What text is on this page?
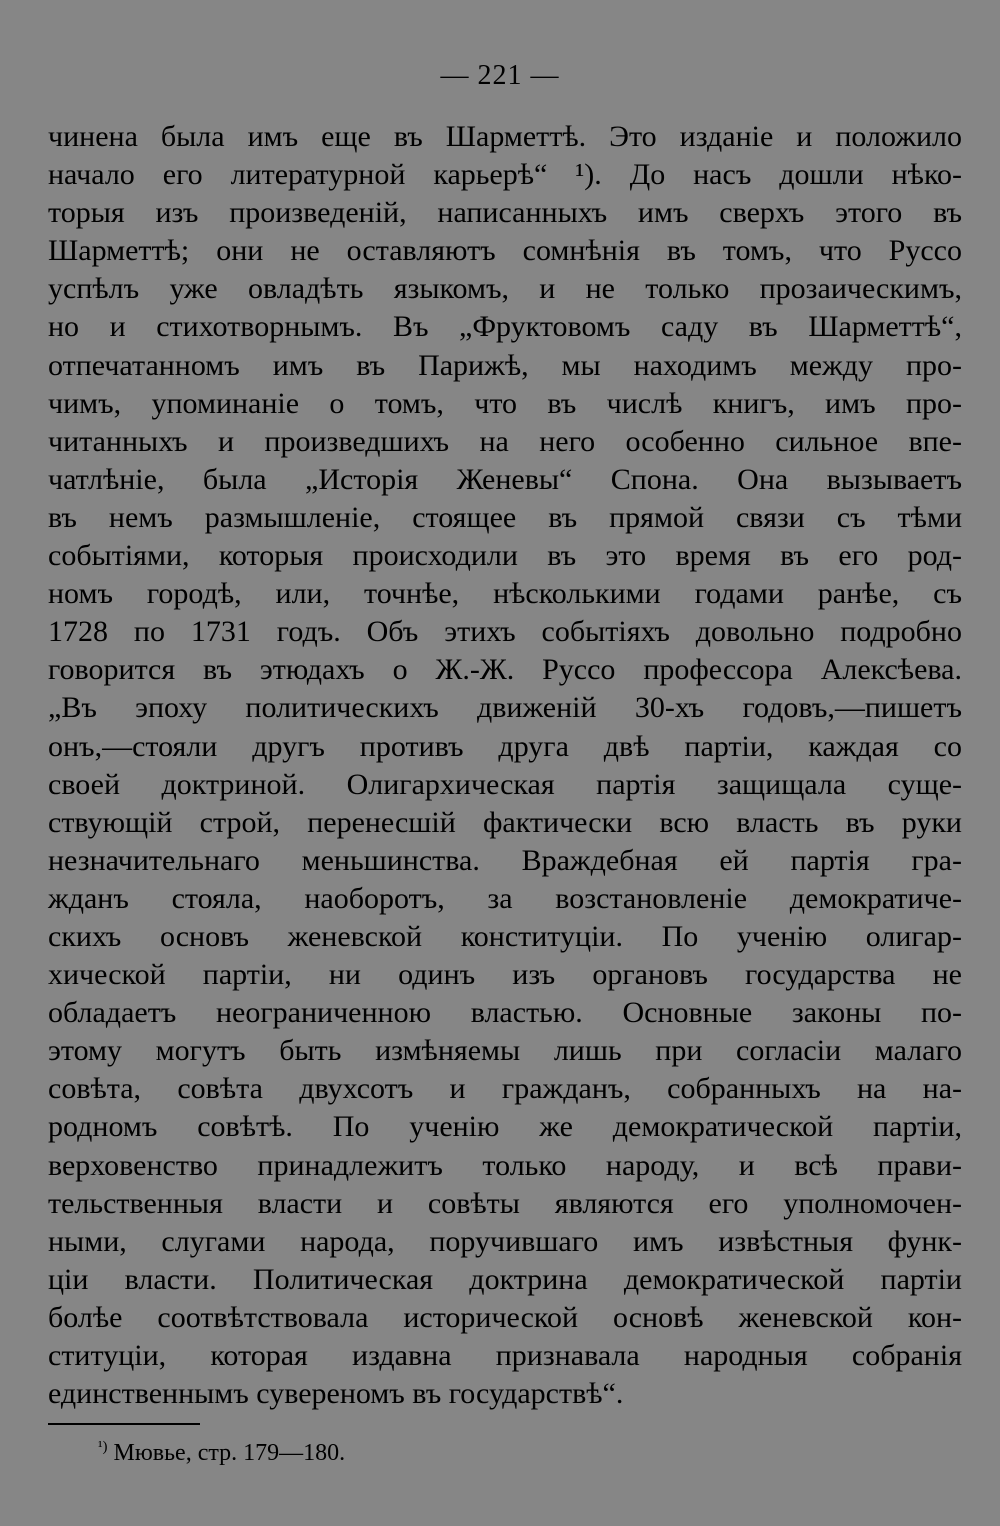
— 221 —
чинена была имъ еще въ Шарметтѣ. Это изданіе и положило
начало его литературной карьерѣ“ ¹). До насъ дошли нѣко-
торыя изъ произведеній, написанныхъ имъ сверхъ этого въ
Шарметтѣ; они не оставляютъ сомнѣнія въ томъ, что Руссо
успѣлъ уже овладѣть языкомъ, и не только прозаическимъ,
но и стихотворнымъ. Въ „Фруктовомъ саду въ Шарметтѣ“,
отпечатанномъ имъ въ Парижѣ, мы находимъ между про-
чимъ, упоминаніе о томъ, что въ числѣ книгъ, имъ про-
читанныхъ и произведшихъ на него особенно сильное впе-
чатлѣніе, была „Исторія Женевы“ Спона. Она вызываетъ
въ немъ размышленіе, стоящее въ прямой связи съ тѣми
событіями, которыя происходили въ это время въ его род-
номъ городѣ, или, точнѣе, нѣсколькими годами ранѣе, съ
1728 по 1731 годъ. Объ этихъ событіяхъ довольно подробно
говорится въ этюдахъ о Ж.-Ж. Руссо профессора Алексѣева.
„Въ эпоху политическихъ движеній 30-хъ годовъ,—пишетъ
онъ,—стояли другъ противъ друга двѣ партіи, каждая со
своей доктриной. Олигархическая партія защищала суще-
ствующій строй, перенесшій фактически всю власть въ руки
незначительнаго меньшинства. Враждебная ей партія гра-
жданъ стояла, наоборотъ, за возстановленіе демократиче-
скихъ основъ женевской конституціи. По ученію олигар-
хической партіи, ни одинъ изъ органовъ государства не
обладаетъ неограниченною властью. Основные законы по-
этому могутъ быть измѣняемы лишь при согласіи малаго
совѣта, совѣта двухсотъ и гражданъ, собранныхъ на на-
родномъ совѣтѣ. По ученію же демократической партіи,
верховенство принадлежитъ только народу, и всѣ прави-
тельственныя власти и совѣты являются его уполномочен-
ными, слугами народа, поручившаго имъ извѣстныя функ-
ціи власти. Политическая доктрина демократической партіи
болѣе соотвѣтствовала исторической основѣ женевской кон-
ституціи, которая издавна признавала народныя собранія
единственнымъ сувереномъ въ государствѣ“.
$^{^1)}$ Мювье, стр. 179—180.
